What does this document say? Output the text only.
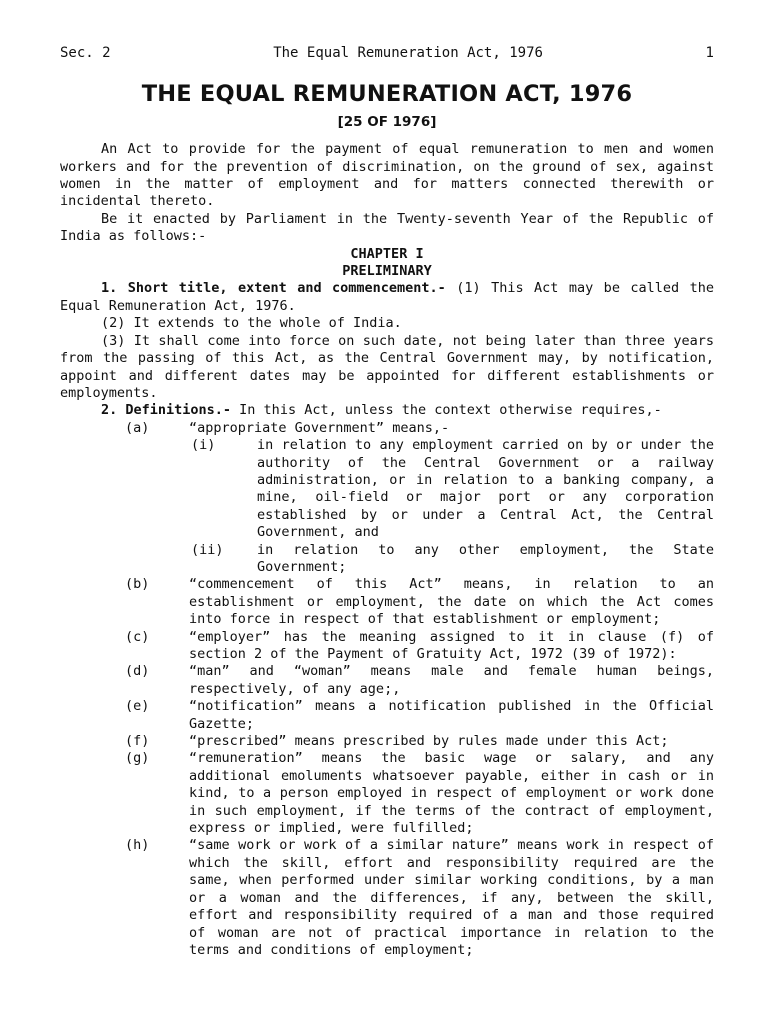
Sec. 2	The Equal Remuneration Act, 1976	1
THE EQUAL REMUNERATION ACT, 1976
[25 OF 1976]
An Act to provide for the payment of equal remuneration to men and women workers and for the prevention of discrimination, on the ground of sex, against women in the matter of employment and for matters connected therewith or incidental thereto.
Be it enacted by Parliament in the Twenty-seventh Year of the Republic of India as follows:-
CHAPTER I
PRELIMINARY
1. Short title, extent and commencement.- (1) This Act may be called the Equal Remuneration Act, 1976.
(2) It extends to the whole of India.
(3) It shall come into force on such date, not being later than three years from the passing of this Act, as the Central Government may, by notification, appoint and different dates may be appointed for different establishments or employments.
2. Definitions.- In this Act, unless the context otherwise requires,-
(a)	“appropriate Government” means,-
(i)	in relation to any employment carried on by or under the authority of the Central Government or a railway administration, or in relation to a banking company, a mine, oil-field or major port or any corporation established by or under a Central Act, the Central Government, and
(ii)	in relation to any other employment, the State Government;
(b)	“commencement of this Act” means, in relation to an establishment or employment, the date on which the Act comes into force in respect of that establishment or employment;
(c)	“employer” has the meaning assigned to it in clause (f) of section 2 of the Payment of Gratuity Act, 1972 (39 of 1972):
(d)	“man” and “woman” means male and female human beings, respectively, of any age;,
(e)	“notification” means a notification published in the Official Gazette;
(f)	“prescribed” means prescribed by rules made under this Act;
(g)	“remuneration” means the basic wage or salary, and any additional emoluments whatsoever payable, either in cash or in kind, to a person employed in respect of employment or work done in such employment, if the terms of the contract of employment, express or implied, were fulfilled;
(h)	“same work or work of a similar nature” means work in respect of which the skill, effort and responsibility required are the same, when performed under similar working conditions, by a man or a woman and the differences, if any, between the skill, effort and responsibility required of a man and those required of woman are not of practical importance in relation to the terms and conditions of employment;
